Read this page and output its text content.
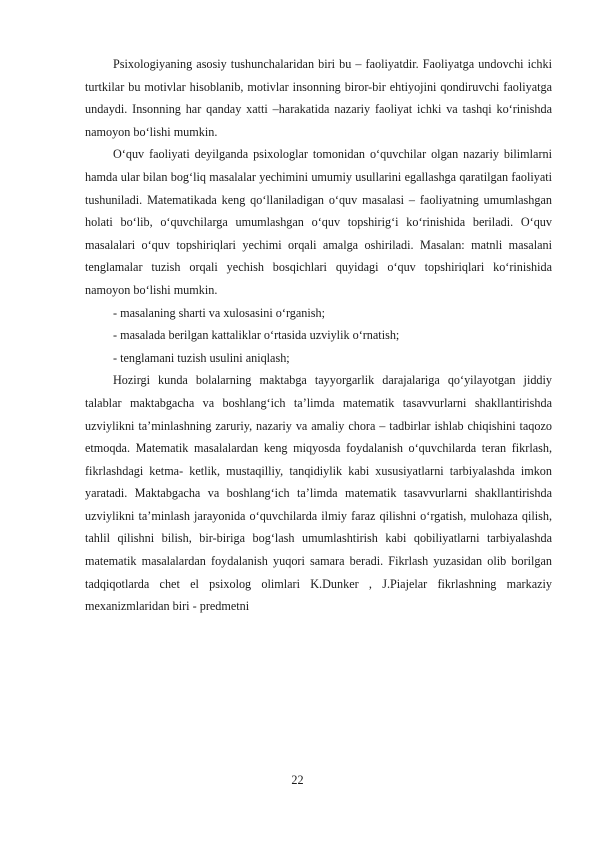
Psixologiyaning asosiy tushunchalaridan biri bu – faoliyatdir. Faoliyatga undovchi ichki turtkilar bu motivlar hisoblanib, motivlar insonning biror-bir ehtiyojini qondiruvchi faoliyatga undaydi. Insonning har qanday xatti –harakatida nazariy faoliyat ichki va tashqi ko‘rinishda namoyon bo‘lishi mumkin.

O‘quv faoliyati deyilganda psixologlar tomonidan o‘quvchilar olgan nazariy bilimlarni hamda ular bilan bog‘liq masalalar yechimini umumiy usullarini egallashga qaratilgan faoliyati tushuniladi. Matematikada keng qo‘llaniladigan o‘quv masalasi – faoliyatning umumlashgan holati bo‘lib, o‘quvchilarga umumlashgan o‘quv topshirig‘i ko‘rinishida beriladi. O‘quv masalalari o‘quv topshiriqlari yechimi orqali amalga oshiriladi. Masalan: matnli masalani tenglamalar tuzish orqali yechish bosqichlari quyidagi o‘quv topshiriqlari ko‘rinishida namoyon bo‘lishi mumkin.

- masalaning sharti va xulosasini o‘rganish;

- masalada berilgan kattaliklar o‘rtasida uzviylik o‘rnatish;

- tenglamani tuzish usulini aniqlash;

Hozirgi kunda bolalarning maktabga tayyorgarlik darajalariga qo‘yilayotgan jiddiy talablar maktabgacha va boshlang‘ich ta’limda matematik tasavvurlarni shakllantirishda uzviylikni ta’minlashning zaruriy, nazariy va amaliy chora – tadbirlar ishlab chiqishini taqozo etmoqda. Matematik masalalardan keng miqyosda foydalanish o‘quvchilarda teran fikrlash, fikrlashdagi ketma- ketlik, mustaqilliy, tanqidiylik kabi xususiyatlarni tarbiyalashda imkon yaratadi. Maktabgacha va boshlang‘ich ta’limda matematik tasavvurlarni shakllantirishda uzviylikni ta’minlash jarayonida o‘quvchilarda ilmiy faraz qilishni o‘rgatish, mulohaza qilish, tahlil qilishni bilish, bir-biriga bog‘lash umumlashtirish kabi qobiliyatlarni tarbiyalashda matematik masalalardan foydalanish yuqori samara beradi. Fikrlash yuzasidan olib borilgan tadqiqotlarda chet el psixolog olimlari K.Dunker , J.Piajelar fikrlashning markaziy mexanizmlaridan biri - predmetni

22
